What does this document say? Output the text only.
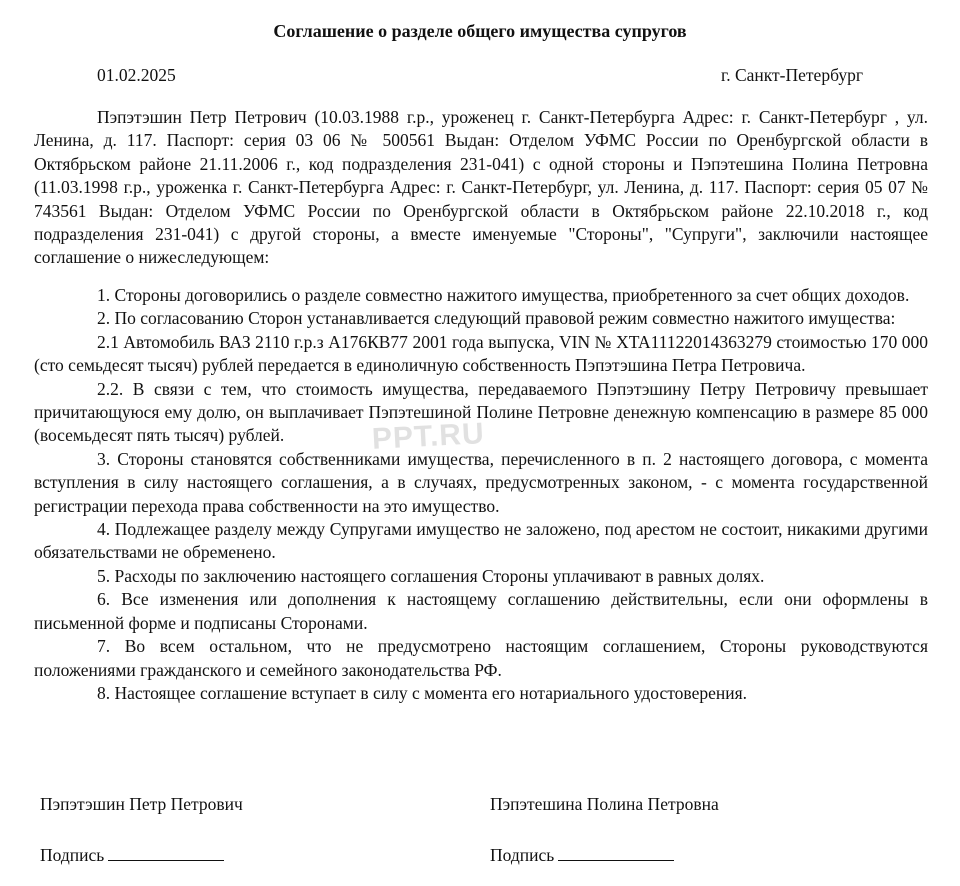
Соглашение о разделе общего имущества супругов
01.02.2025	г. Санкт-Петербург

Пэпэтэшин Петр Петрович (10.03.1988 г.р., уроженец г. Санкт-Петербурга Адрес: г. Санкт-Петербург , ул. Ленина, д. 117. Паспорт: серия 03 06 № 500561 Выдан: Отделом УФМС России по Оренбургской области в Октябрьском районе 21.11.2006 г., код подразделения 231-041) с одной стороны и Пэпэтешина Полина Петровна (11.03.1998 г.р., уроженка г. Санкт-Петербурга Адрес: г. Санкт-Петербург, ул. Ленина, д. 117. Паспорт: серия 05 07 № 743561 Выдан: Отделом УФМС России по Оренбургской области в Октябрьском районе 22.10.2018 г., код подразделения 231-041) с другой стороны, а вместе именуемые "Стороны", "Супруги", заключили настоящее соглашение о нижеследующем:

1. Стороны договорились о разделе совместно нажитого имущества, приобретенного за счет общих доходов.

2. По согласованию Сторон устанавливается следующий правовой режим совместно нажитого имущества:

2.1 Автомобиль ВАЗ 2110 г.р.з А176КВ77 2001 года выпуска, VIN № XTA11122014363279 стоимостью 170 000 (сто семьдесят тысяч) рублей передается в единоличную собственность Пэпэтэшина Петра Петровича.

2.2. В связи с тем, что стоимость имущества, передаваемого Пэпэтэшину Петру Петровичу превышает причитающуюся ему долю, он выплачивает Пэпэтешиной Полине Петровне денежную компенсацию в размере 85 000 (восемьдесят пять тысяч) рублей.

3. Стороны становятся собственниками имущества, перечисленного в п. 2 настоящего договора, с момента вступления в силу настоящего соглашения, а в случаях, предусмотренных законом, - с момента государственной регистрации перехода права собственности на это имущество.

4. Подлежащее разделу между Супругами имущество не заложено, под арестом не состоит, никакими другими обязательствами не обременено.

5. Расходы по заключению настоящего соглашения Стороны уплачивают в равных долях.

6. Все изменения или дополнения к настоящему соглашению действительны, если они оформлены в письменной форме и подписаны Сторонами.

7. Во всем остальном, что не предусмотрено настоящим соглашением, Стороны руководствуются положениями гражданского и семейного законодательства РФ.

8. Настоящее соглашение вступает в силу с момента его нотариального удостоверения.

PPT.RU
Пэпэтэшин Петр Петрович	Пэпэтешина Полина Петровна
Подпись	Подпись
